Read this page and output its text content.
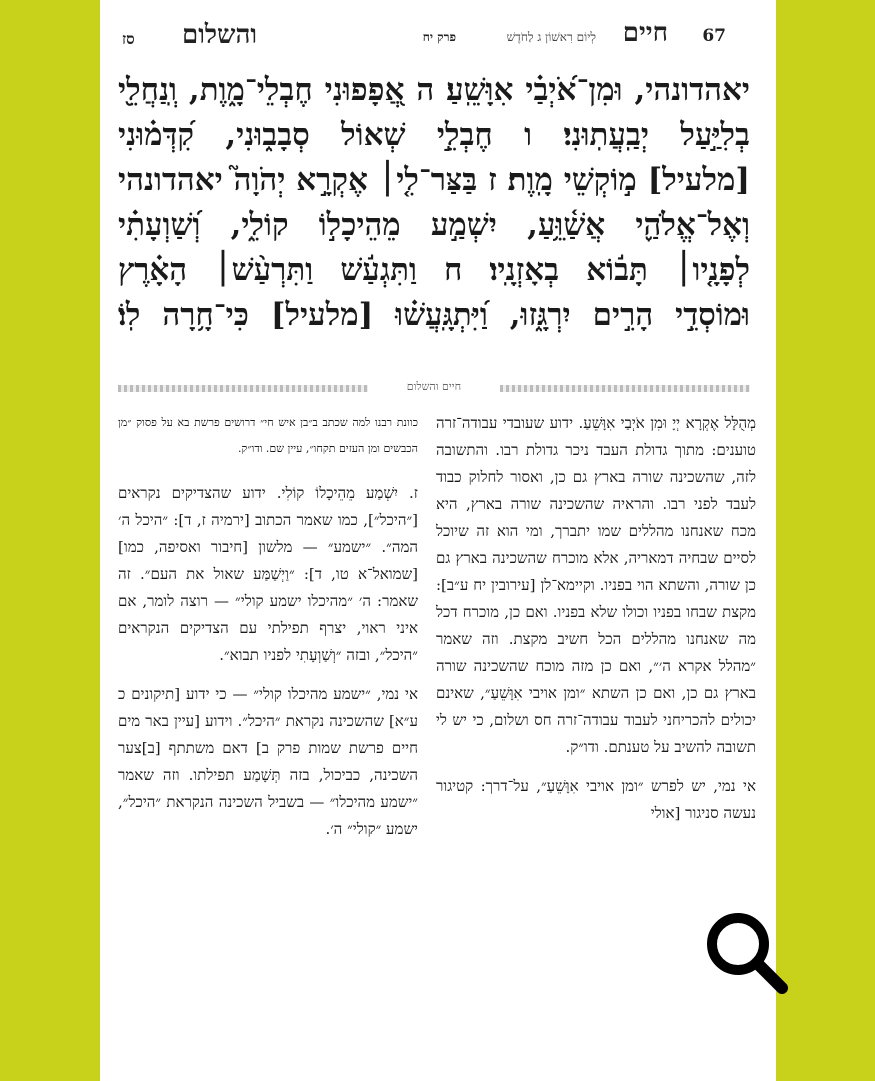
67
חיים
לְיוֹם רִאשׁוֹן ג לַחֹדֶשׁ
פרק יח
והשלום
סז

יאהדונהי, וּמִן־אֹ֝יְבַ֗י אִוָּשֵֽׁעַ׃ ה אֲ֭פָפוּנִי חֶבְלֵי־מָ֑וֶת, וְֽנַחֲלֵ֖י

בְלִיַּ֣עַל יְבַֽעֲתֽוּנִי׃ ו חֶבְלֵ֣י שְׁאוֹל סְבָב֑וּנִי, קִ֝דְּמ֗וּנִי

[מלעיל] מ֣וֹקְשֵׁי מָֽוֶת׃ ז בַּצַּר־לִ֤י׀ אֶקְרָ֣א יְהֹוָה֮ יאהדונהי

וְאֶל־אֱלֹהַ֪י אֲשַׁ֫וֵּ֥עַ, יִשְׁמַ֣ע מֵהֵיכָל֣וֹ קוֹלִ֑י, וְ֝שַׁוְעָתִ֗י

לְפָנָ֤יו׀ תָּב֬וֹא בְאָזְנָֽיו׃ ח וַתִּגְעַ֬שׁ וַתִּרְעַ֨שׁ׀ הָאָ֗רֶץ

וּמוֹסְדֵ֣י הָרִ֣ים יִרְגָּ֑זוּ, וַ֝יִּתְגָּֽעֲשׁ֗וּ [מלעיל] כִּי־חָ֥רָה לֽוֹ׃

חיים והשלום

מְהֻלָּל אֶקְרָא יְיָ וּמִן אֹיְבַי אִוָּשֵׁעַ. ידוע שעובדי עבודה־זרה טוענים: מתוך גדולת העבד ניכר גדולת רבו. והתשובה לזה, שהשכינה שורה בארץ גם כן, ואסור לחלוק כבוד לעבד לפני רבו. והראיה שהשכינה שורה בארץ, היא מכח שאנחנו מהללים שמו יתברך, ומי הוא זה שיוכל לסיים שבחיה דמאריה, אלא מוכרח שהשכינה בארץ גם כן שורה, והשתא הוי בפניו. וקיימא־לן [עירובין יח ע״ב]: מקצת שבחו בפניו וכולו שלא בפניו. ואם כן, מוכרח דכל מה שאנחנו מהללים הכל חשיב מקצת. וזה שאמר ״מהלל אקרא ה׳״, ואם כן מזה מוכח שהשכינה שורה בארץ גם כן, ואם כן השתא ״ומן אויבי אִוָּשֵׁעַ״, שאינם יכולים להכריחני לעבוד עבודה־זרה חס ושלום, כי יש לי תשובה להשיב על טענתם. ודו״ק.

אי נמי, יש לפרש ״ומן אויבי אִוָּשֵׁעַ״, על־דרך: קטיגור נעשה סניגור [אולי

כוונת רבנו למה שכתב ב״בן איש חי״ דרושים פרשת בא על פסוק ״מן הכבשים ומן העזים תקחו״, עיין שם. ודו״ק.

ז. יִשְׁמַע מֵהֵיכָלוֹ קוֹלִי. ידוע שהצדיקים נקראים [״היכל״], כמו שאמר הכתוב [ירמיה ז, ד]: ״היכל ה׳ המה״. ״ישמע״ — מלשון [חיבור ואסיפה, כמו] [שמואל־א טו, ד]: ״וַיְשַׁמַּע שאול את העם״. זה שאמר: ה׳ ״מהיכלו ישמע קולי״ — רוצה לומר, אם איני ראוי, יצרף תפילתי עם הצדיקים הנקראים ״היכל״, ובזה ״וְשַׁוְעָתִי לפניו תבוא״.

אי נמי, ״ישמע מהיכלו קולי״ — כי ידוע [תיקונים כ ע״א] שהשכינה נקראת ״היכל״. וידוע [עיין באר מים חיים פרשת שמות פרק ב] דאם משתתף [ב]צער השכינה, כביכול, בזה תְּשָׁמַע תפילתו. וזה שאמר ״ישמע מהיכלו״ — בשביל השכינה הנקראת ״היכל״, ישמע ״קולי״ ה׳.
